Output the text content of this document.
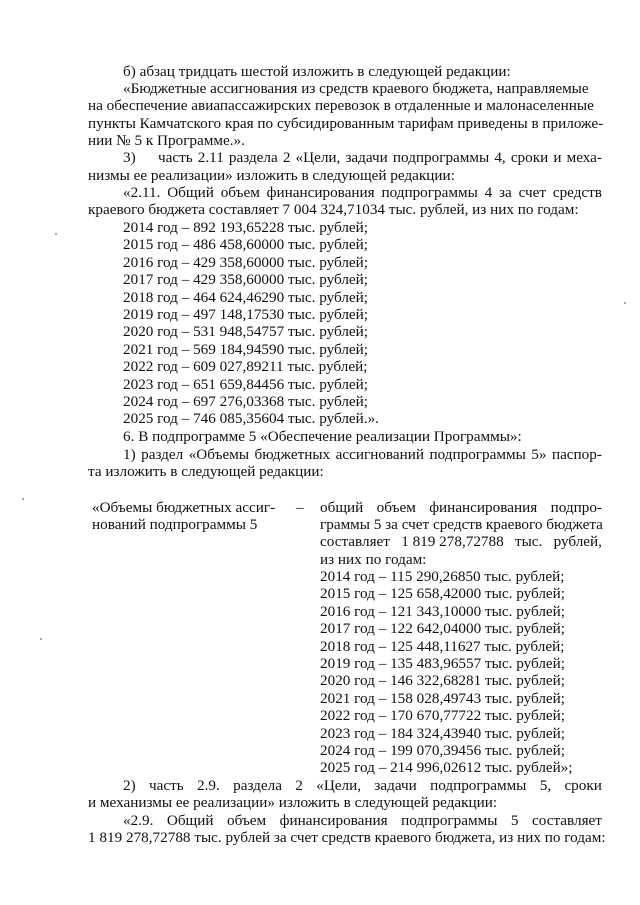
б) абзац тридцать шестой изложить в следующей редакции:
«Бюджетные ассигнования из средств краевого бюджета, направляемые
на обеспечение авиапассажирских перевозок в отдаленные и малонаселенные
пункты Камчатского края по субсидированным тарифам приведены в приложе-
нии № 5 к Программе.».
3) часть 2.11 раздела 2 «Цели, задачи подпрограммы 4, сроки и меха-
низмы ее реализации» изложить в следующей редакции:
«2.11. Общий объем финансирования подпрограммы 4 за счет средств
краевого бюджета составляет 7 004 324,71034 тыс. рублей, из них по годам:
2014 год – 892 193,65228 тыс. рублей;
2015 год – 486 458,60000 тыс. рублей;
2016 год – 429 358,60000 тыс. рублей;
2017 год – 429 358,60000 тыс. рублей;
2018 год – 464 624,46290 тыс. рублей;
2019 год – 497 148,17530 тыс. рублей;
2020 год – 531 948,54757 тыс. рублей;
2021 год – 569 184,94590 тыс. рублей;
2022 год – 609 027,89211 тыс. рублей;
2023 год – 651 659,84456 тыс. рублей;
2024 год – 697 276,03368 тыс. рублей;
2025 год – 746 085,35604 тыс. рублей.».
6. В подпрограмме 5 «Обеспечение реализации Программы»:
1) раздел «Объемы бюджетных ассигнований подпрограммы 5» паспор-
та изложить в следующей редакции:
«Объемы бюджетных ассиг-
нований подпрограммы 5
– общий объем финансирования подпро-
граммы 5 за счет средств краевого бюджета
составляет 1 819 278,72788 тыс. рублей,
из них по годам:
2014 год – 115 290,26850 тыс. рублей;
2015 год – 125 658,42000 тыс. рублей;
2016 год – 121 343,10000 тыс. рублей;
2017 год – 122 642,04000 тыс. рублей;
2018 год – 125 448,11627 тыс. рублей;
2019 год – 135 483,96557 тыс. рублей;
2020 год – 146 322,68281 тыс. рублей;
2021 год – 158 028,49743 тыс. рублей;
2022 год – 170 670,77722 тыс. рублей;
2023 год – 184 324,43940 тыс. рублей;
2024 год – 199 070,39456 тыс. рублей;
2025 год – 214 996,02612 тыс. рублей»;
2) часть 2.9. раздела 2 «Цели, задачи подпрограммы 5, сроки
и механизмы ее реализации» изложить в следующей редакции:
«2.9. Общий объем финансирования подпрограммы 5 составляет
1 819 278,72788 тыс. рублей за счет средств краевого бюджета, из них по годам:
